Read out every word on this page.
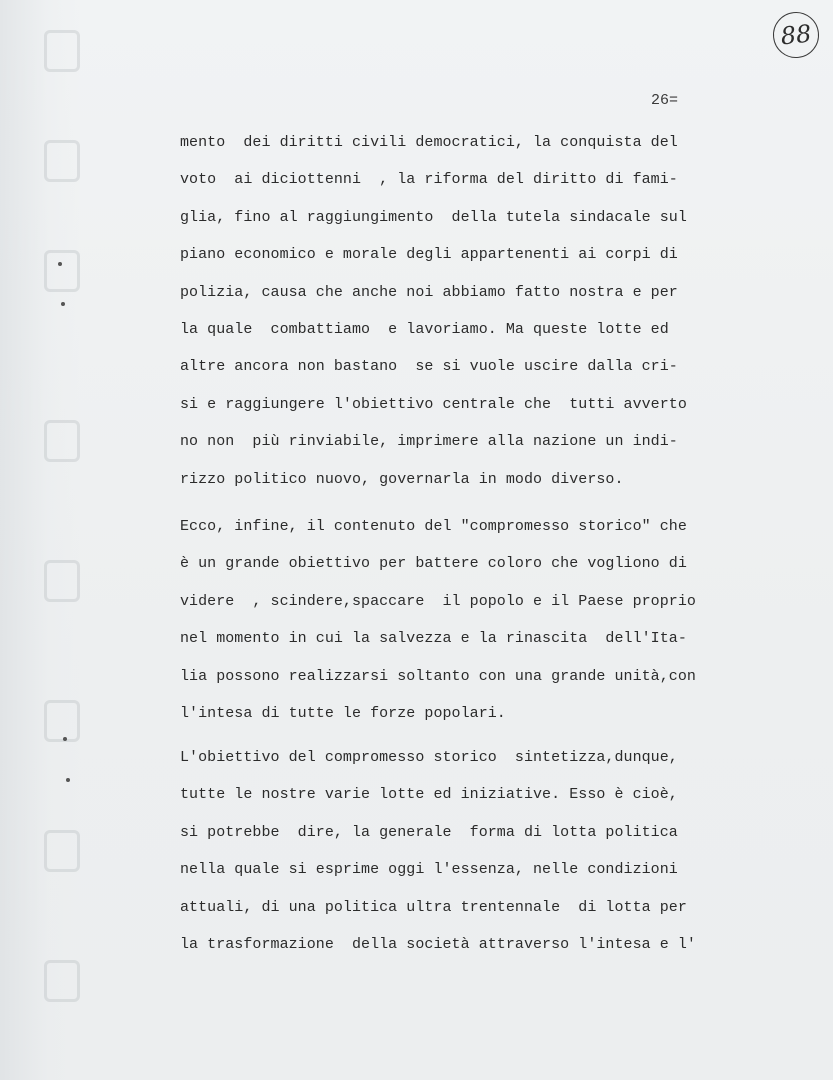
88
26=
mento  dei diritti civili democratici, la conquista del
voto  ai diciottenni  , la riforma del diritto di fami-
glia, fino al raggiungimento  della tutela sindacale sul
piano economico e morale degli appartenenti ai corpi di
polizia, causa che anche noi abbiamo fatto nostra e per
la quale  combattiamo  e lavoriamo. Ma queste lotte ed
altre ancora non bastano  se si vuole uscire dalla cri-
si e raggiungere l'obiettivo centrale che  tutti avverto
no non  più rinviabile, imprimere alla nazione un indi-
rizzo politico nuovo, governarla in modo diverso.
Ecco, infine, il contenuto del "compromesso storico" che
è un grande obiettivo per battere coloro che vogliono di
videre  , scindere,spaccare  il popolo e il Paese proprio
nel momento in cui la salvezza e la rinascita  dell'Ita-
lia possono realizzarsi soltanto con una grande unità,con
l'intesa di tutte le forze popolari.
L'obiettivo del compromesso storico  sintetizza,dunque,
tutte le nostre varie lotte ed iniziative. Esso è cioè,
si potrebbe  dire, la generale  forma di lotta politica
nella quale si esprime oggi l'essenza, nelle condizioni
attuali, di una politica ultra trentennale  di lotta per
la trasformazione  della società attraverso l'intesa e l'
